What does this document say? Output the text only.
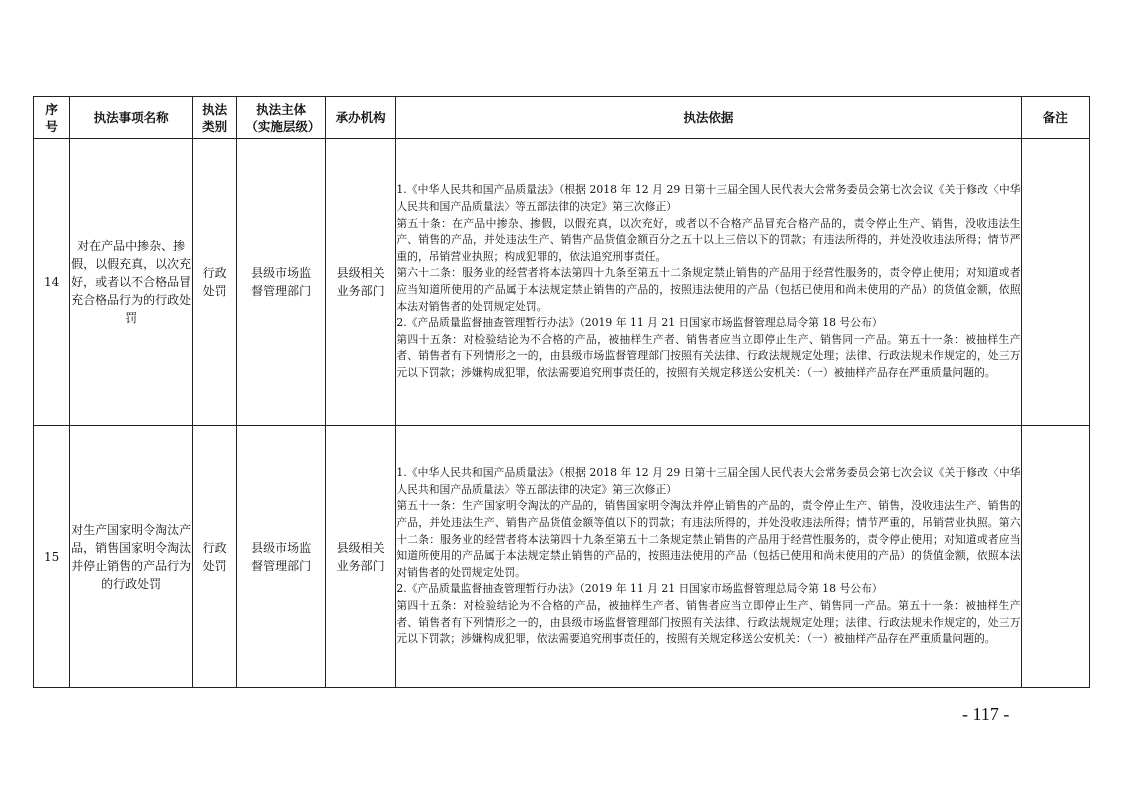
序号	执法事项名称	执法类别	执法主体（实施层级）	承办机构	执法依据	备注
14	对在产品中掺杂、掺假，以假充真，以次充好，或者以不合格品冒充合格品行为的行政处罚	行政处罚	县级市场监督管理部门	县级相关业务部门	1.《中华人民共和国产品质量法》（根据 2018 年 12 月 29 日第十三届全国人民代表大会常务委员会第七次会议《关于修改〈中华人民共和国产品质量法〉等五部法律的决定》第三次修正）

第五十条：在产品中掺杂、掺假，以假充真，以次充好，或者以不合格产品冒充合格产品的，责令停止生产、销售，没收违法生产、销售的产品，并处违法生产、销售产品货值金额百分之五十以上三倍以下的罚款；有违法所得的，并处没收违法所得；情节严重的，吊销营业执照；构成犯罪的，依法追究刑事责任。

第六十二条：服务业的经营者将本法第四十九条至第五十二条规定禁止销售的产品用于经营性服务的，责令停止使用；对知道或者应当知道所使用的产品属于本法规定禁止销售的产品的，按照违法使用的产品（包括已使用和尚未使用的产品）的货值金额，依照本法对销售者的处罚规定处罚。

2.《产品质量监督抽查管理暂行办法》（2019 年 11 月 21 日国家市场监督管理总局令第 18 号公布）

第四十五条：对检验结论为不合格的产品，被抽样生产者、销售者应当立即停止生产、销售同一产品。第五十一条：被抽样生产者、销售者有下列情形之一的，由县级市场监督管理部门按照有关法律、行政法规规定处理；法律、行政法规未作规定的，处三万元以下罚款；涉嫌构成犯罪，依法需要追究刑事责任的，按照有关规定移送公安机关：（一）被抽样产品存在严重质量问题的。	

15	对生产国家明令淘汰产品，销售国家明令淘汰并停止销售的产品行为的行政处罚	行政处罚	县级市场监督管理部门	县级相关业务部门	1.《中华人民共和国产品质量法》（根据 2018 年 12 月 29 日第十三届全国人民代表大会常务委员会第七次会议《关于修改〈中华人民共和国产品质量法〉等五部法律的决定》第三次修正）

第五十一条：生产国家明令淘汰的产品的，销售国家明令淘汰并停止销售的产品的，责令停止生产、销售，没收违法生产、销售的产品，并处违法生产、销售产品货值金额等值以下的罚款；有违法所得的，并处没收违法所得；情节严重的，吊销营业执照。第六十二条：服务业的经营者将本法第四十九条至第五十二条规定禁止销售的产品用于经营性服务的，责令停止使用；对知道或者应当知道所使用的产品属于本法规定禁止销售的产品的，按照违法使用的产品（包括已使用和尚未使用的产品）的货值金额，依照本法对销售者的处罚规定处罚。

2.《产品质量监督抽查管理暂行办法》（2019 年 11 月 21 日国家市场监督管理总局令第 18 号公布）

第四十五条：对检验结论为不合格的产品，被抽样生产者、销售者应当立即停止生产、销售同一产品。第五十一条：被抽样生产者、销售者有下列情形之一的，由县级市场监督管理部门按照有关法律、行政法规规定处理；法律、行政法规未作规定的，处三万元以下罚款；涉嫌构成犯罪，依法需要追究刑事责任的，按照有关规定移送公安机关：（一）被抽样产品存在严重质量问题的。	

- 117 -
